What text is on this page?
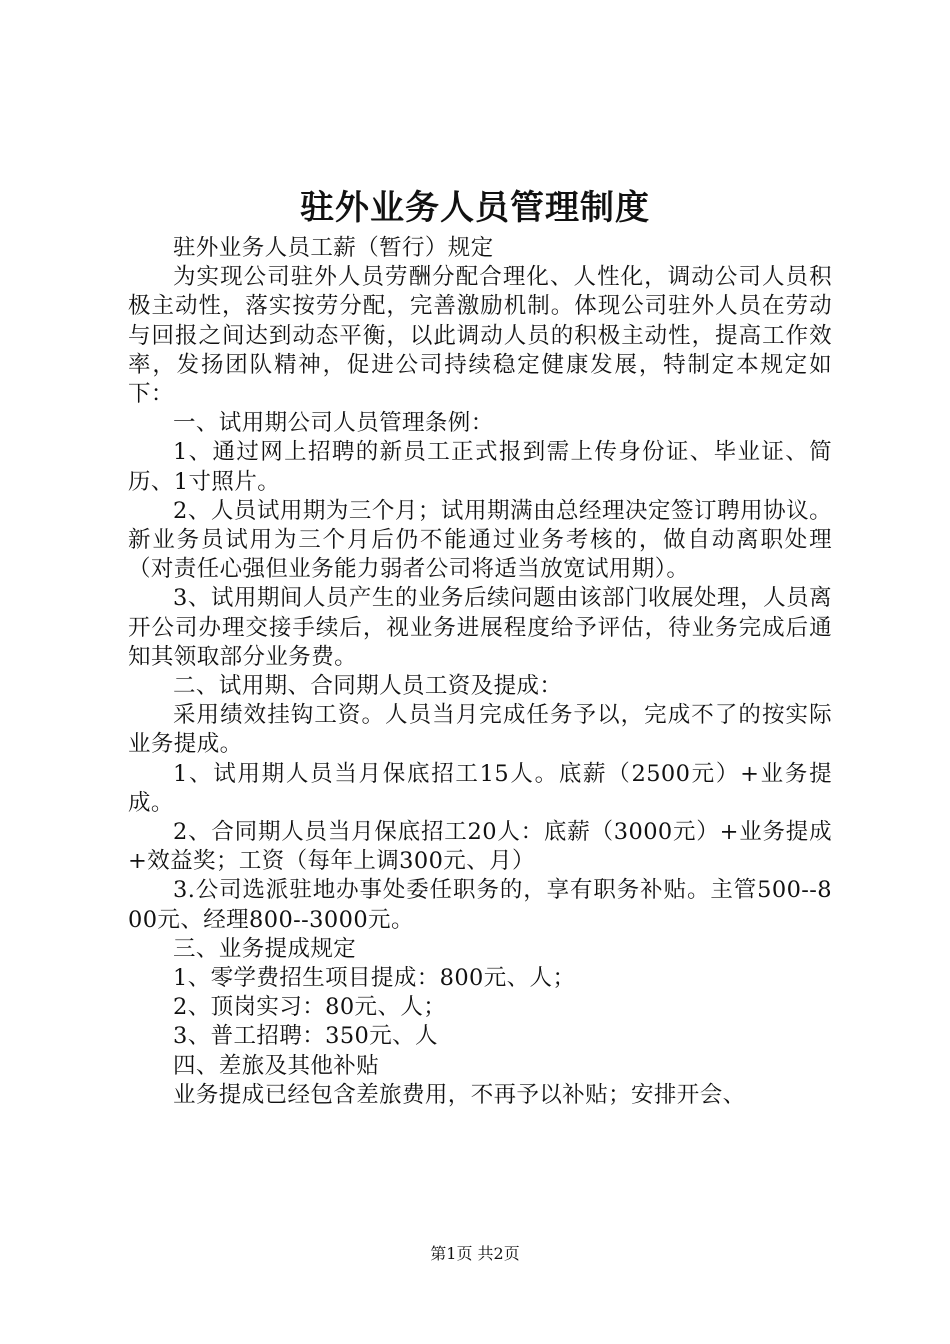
驻外业务人员管理制度

驻外业务人员工薪（暂行）规定

为实现公司驻外人员劳酬分配合理化、人性化，调动公司人员积极主动性，落实按劳分配，完善激励机制。体现公司驻外人员在劳动与回报之间达到动态平衡，以此调动人员的积极主动性，提高工作效率，发扬团队精神，促进公司持续稳定健康发展，特制定本规定如下：

一、试用期公司人员管理条例：

1、通过网上招聘的新员工正式报到需上传身份证、毕业证、简历、1寸照片。

2、人员试用期为三个月；试用期满由总经理决定签订聘用协议。新业务员试用为三个月后仍不能通过业务考核的，做自动离职处理（对责任心强但业务能力弱者公司将适当放宽试用期）。

3、试用期间人员产生的业务后续问题由该部门收展处理，人员离开公司办理交接手续后，视业务进展程度给予评估，待业务完成后通知其领取部分业务费。

二、试用期、合同期人员工资及提成：

采用绩效挂钩工资。人员当月完成任务予以，完成不了的按实际业务提成。

1、试用期人员当月保底招工15人。底薪（2500元）+业务提成。

2、合同期人员当月保底招工20人：底薪（3000元）+业务提成+效益奖；工资（每年上调300元、月）

3.公司选派驻地办事处委任职务的，享有职务补贴。主管500--800元、经理800--3000元。

三、业务提成规定

1、零学费招生项目提成：800元、人；

2、顶岗实习：80元、人；

3、普工招聘：350元、人

四、差旅及其他补贴

业务提成已经包含差旅费用，不再予以补贴；安排开会、

第1页 共2页
